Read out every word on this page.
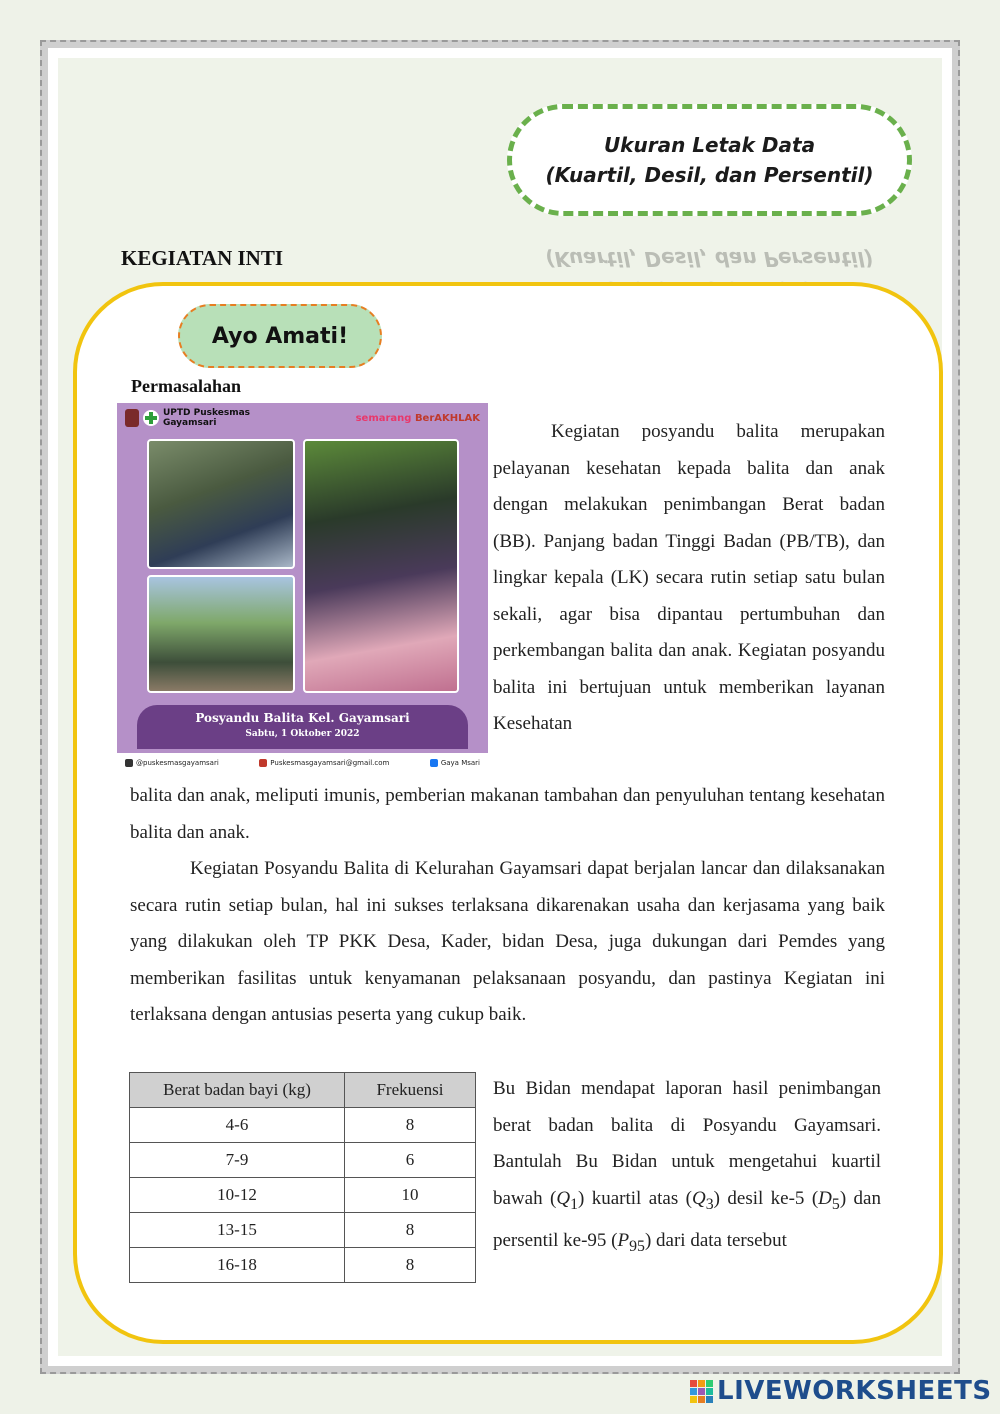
Ukuran Letak Data
(Kuartil, Desil, dan Persentil)
(Kuartil, Desil, dan Persentil)
KEGIATAN INTI
Ayo Amati!
Permasalahan
UPTD Puskesmas Gayamsari	semarang BerAKHLAK
Posyandu Balita Kel. Gayamsari
Sabtu, 1 Oktober 2022
@puskesmasgayamsari	Puskesmasgayamsari@gmail.com	Gaya Msari

Kegiatan posyandu balita merupakan pelayanan kesehatan kepada balita dan anak dengan melakukan penimbangan Berat badan (BB). Panjang badan Tinggi Badan (PB/TB), dan lingkar kepala (LK) secara rutin setiap satu bulan sekali, agar bisa dipantau pertumbuhan dan perkembangan balita dan anak. Kegiatan posyandu balita ini bertujuan untuk memberikan layanan Kesehatan

balita dan anak, meliputi imunis, pemberian makanan tambahan dan penyuluhan tentang kesehatan balita dan anak.

Kegiatan Posyandu Balita di Kelurahan Gayamsari dapat berjalan lancar dan dilaksanakan secara rutin setiap bulan, hal ini sukses terlaksana dikarenakan usaha dan kerjasama yang baik yang dilakukan oleh TP PKK Desa, Kader, bidan Desa, juga dukungan dari Pemdes yang memberikan fasilitas untuk kenyamanan pelaksanaan posyandu, dan pastinya Kegiatan ini terlaksana dengan antusias peserta yang cukup baik.

Berat badan bayi (kg)	Frekuensi
4-6	8
7-9	6
10-12	10
13-15	8
16-18	8

Bu Bidan mendapat laporan hasil penimbangan berat badan balita di Posyandu Gayamsari. Bantulah Bu Bidan untuk mengetahui kuartil bawah $(Q_1)$ kuartil atas $(Q_3)$ desil ke-5 $(D_5)$ dan persentil ke-95 $(P_{95})$ dari data tersebut

LIVEWORKSHEETS
